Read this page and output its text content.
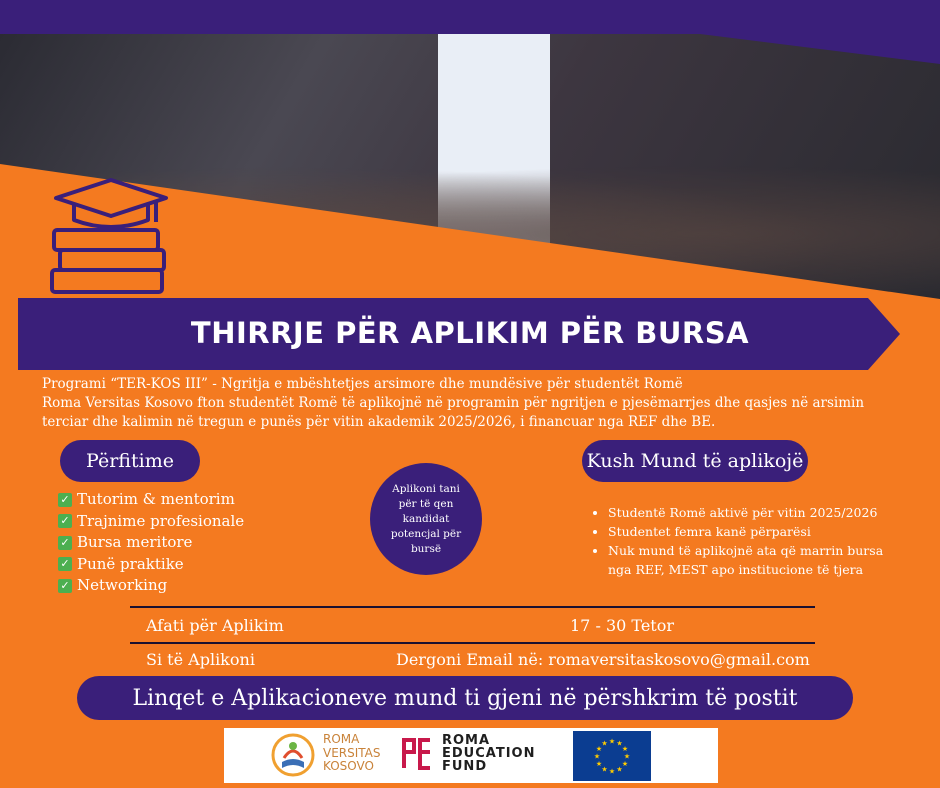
THIRRJE PËR APLIKIM PËR BURSA
Programi “TER-KOS III” - Ngritja e mbështetjes arsimore dhe mundësive për studentët Romë
Roma Versitas Kosovo fton studentët Romë të aplikojnë në programin për ngritjen e pjesëmarrjes dhe qasjes në arsimin terciar dhe kalimin në tregun e punës për vitin akademik 2025/2026, i financuar nga REF dhe BE.
Përfitime
✓ Tutorim & mentorim
✓ Trajnime profesionale
✓ Bursa meritore
✓ Punë praktike
✓ Networking
Aplikoni tani për të qen kandidat potencjal për bursë
Kush Mund të aplikojë
• Studentë Romë aktivë për vitin 2025/2026
• Studentet femra kanë përparësi
• Nuk mund të aplikojnë ata që marrin bursa nga REF, MEST apo institucione të tjera
Afati për Aplikim	17 - 30 Tetor
Si të Aplikoni	Dergoni Email në: romaversitaskosovo@gmail.com
Linqet e Aplikacioneve mund ti gjeni në përshkrim të postit
ROMA
VERSITAS
KOSOVO
ROMA
EDUCATION
FUND
★
★
★
★
★
★
★
★
★ ★ ★
★
